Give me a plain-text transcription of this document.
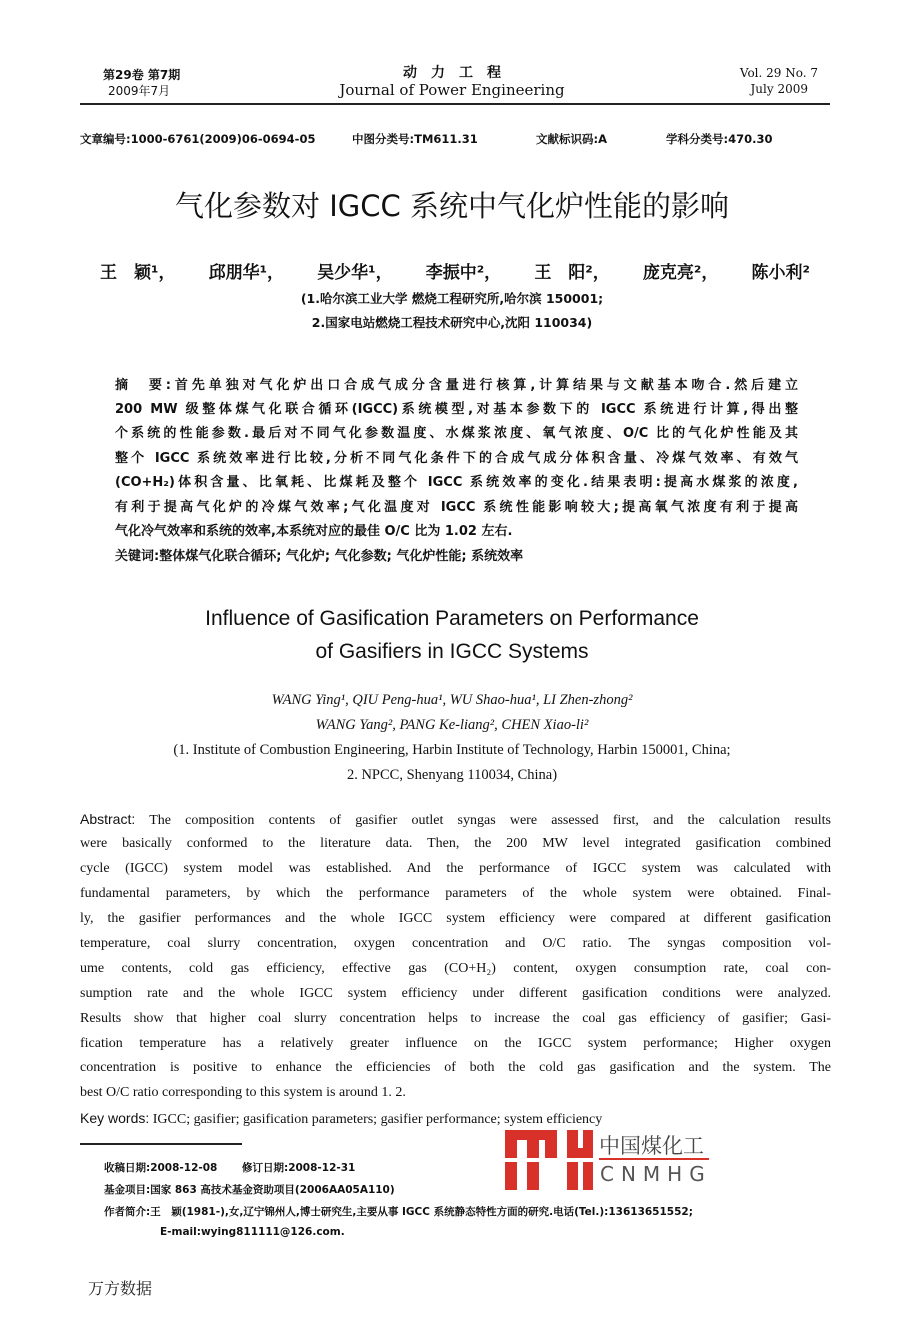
第29卷 第7期
2009年7月
动　力　工　程
Journal of Power Engineering
Vol. 29 No. 7
July 2009
文章编号:1000-6761(2009)06-0694-05	中图分类号:TM611.31	文献标识码:A	学科分类号:470.30
气化参数对 IGCC 系统中气化炉性能的影响
王　颖¹， 邱朋华¹， 吴少华¹， 李振中²， 王　阳²， 庞克亮²， 陈小利²
(1.哈尔滨工业大学 燃烧工程研究所,哈尔滨 150001;
2.国家电站燃烧工程技术研究中心,沈阳 110034)
摘　要:首先单独对气化炉出口合成气成分含量进行核算,计算结果与文献基本吻合.然后建立
200 MW 级整体煤气化联合循环(IGCC)系统模型,对基本参数下的 IGCC 系统进行计算,得出整
个系统的性能参数.最后对不同气化参数温度、水煤浆浓度、氧气浓度、O/C 比的气化炉性能及其
整个 IGCC 系统效率进行比较,分析不同气化条件下的合成气成分体积含量、冷煤气效率、有效气
(CO+H₂)体积含量、比氧耗、比煤耗及整个 IGCC 系统效率的变化.结果表明:提高水煤浆的浓度,
有利于提高气化炉的冷煤气效率;气化温度对 IGCC 系统性能影响较大;提高氧气浓度有利于提高
气化冷气效率和系统的效率,本系统对应的最佳 O/C 比为 1.02 左右.
关键词:整体煤气化联合循环; 气化炉; 气化参数; 气化炉性能; 系统效率
Influence of Gasification Parameters on Performance
of Gasifiers in IGCC Systems
WANG Ying¹, QIU Peng-hua¹, WU Shao-hua¹, LI Zhen-zhong²
WANG Yang², PANG Ke-liang², CHEN Xiao-li²
(1. Institute of Combustion Engineering, Harbin Institute of Technology, Harbin 150001, China;
2. NPCC, Shenyang 110034, China)
Abstract: The composition contents of gasifier outlet syngas were assessed first, and the calculation results
were basically conformed to the literature data. Then, the 200 MW level integrated gasification combined
cycle (IGCC) system model was established. And the performance of IGCC system was calculated with
fundamental parameters, by which the performance parameters of the whole system were obtained. Final-
ly, the gasifier performances and the whole IGCC system efficiency were compared at different gasification
temperature, coal slurry concentration, oxygen concentration and O/C ratio. The syngas composition vol-
ume contents, cold gas efficiency, effective gas (CO+H₂) content, oxygen consumption rate, coal con-
sumption rate and the whole IGCC system efficiency under different gasification conditions were analyzed.
Results show that higher coal slurry concentration helps to increase the coal gas efficiency of gasifier; Gasi-
fication temperature has a relatively greater influence on the IGCC system performance; Higher oxygen
concentration is positive to enhance the efficiencies of both the cold gas gasification and the system. The
best O/C ratio corresponding to this system is around 1. 2.
Key words: IGCC; gasifier; gasification parameters; gasifier performance; system efficiency
收稿日期:2008-12-08 修订日期:2008-12-31
基金项目:国家 863 高技术基金资助项目(2006AA05A110)
作者简介:王　颖(1981-),女,辽宁锦州人,博士研究生,主要从事 IGCC 系统静态特性方面的研究.电话(Tel.):13613651552;
E-mail:wying811111@126.com.
中国煤化工
CNMHG
万方数据
